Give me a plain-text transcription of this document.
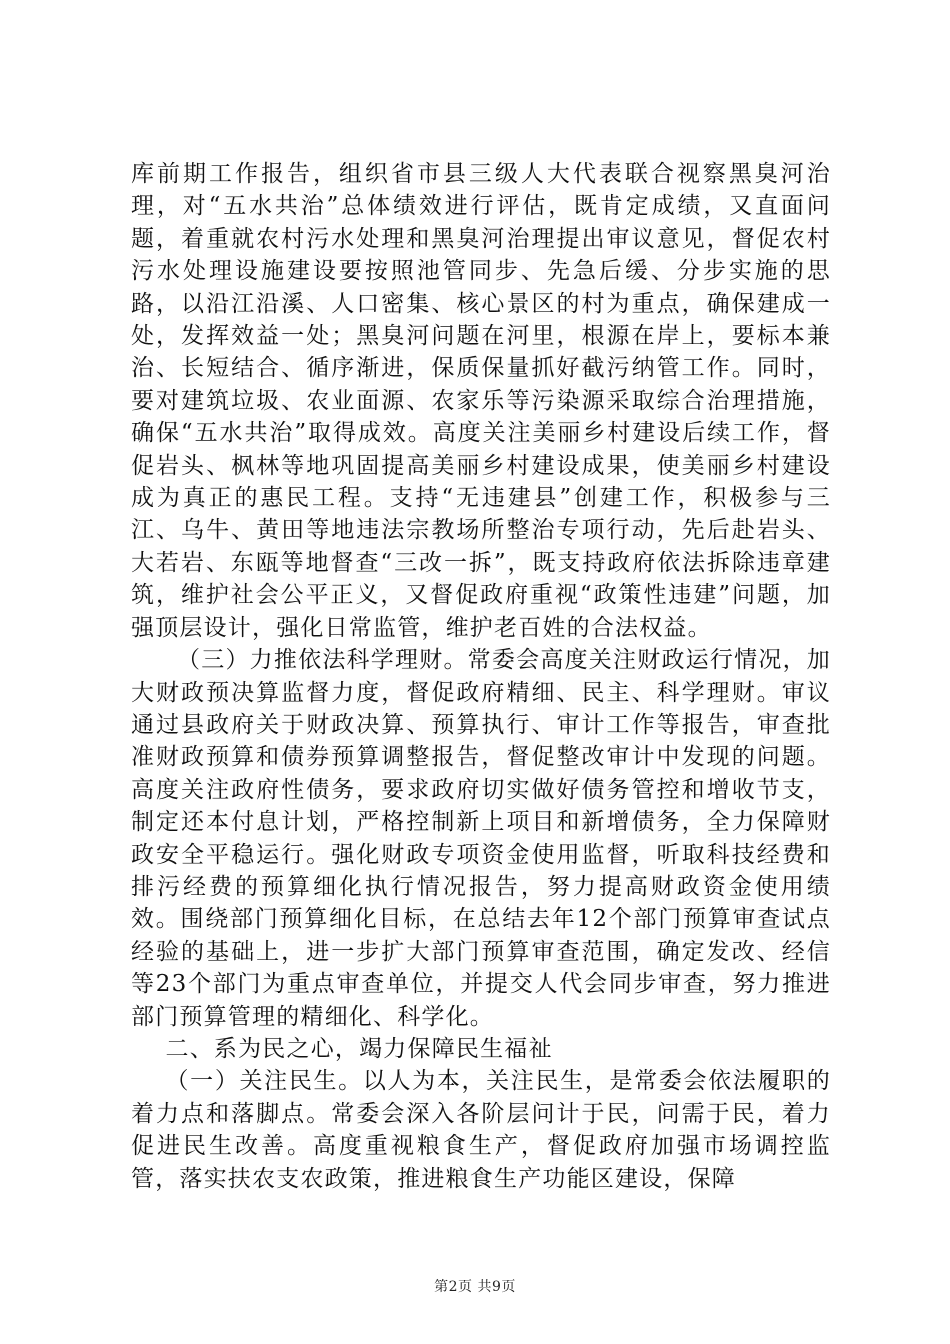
库前期工作报告，组织省市县三级人大代表联合视察黑臭河治理，对“五水共治”总体绩效进行评估，既肯定成绩，又直面问题，着重就农村污水处理和黑臭河治理提出审议意见，督促农村污水处理设施建设要按照池管同步、先急后缓、分步实施的思路，以沿江沿溪、人口密集、核心景区的村为重点，确保建成一处，发挥效益一处；黑臭河问题在河里，根源在岸上，要标本兼治、长短结合、循序渐进，保质保量抓好截污纳管工作。同时，要对建筑垃圾、农业面源、农家乐等污染源采取综合治理措施，确保“五水共治”取得成效。高度关注美丽乡村建设后续工作，督促岩头、枫林等地巩固提高美丽乡村建设成果，使美丽乡村建设成为真正的惠民工程。支持“无违建县”创建工作，积极参与三江、乌牛、黄田等地违法宗教场所整治专项行动，先后赴岩头、大若岩、东瓯等地督查“三改一拆”，既支持政府依法拆除违章建筑，维护社会公平正义，又督促政府重视“政策性违建”问题，加强顶层设计，强化日常监管，维护老百姓的合法权益。

（三）力推依法科学理财。常委会高度关注财政运行情况，加大财政预决算监督力度，督促政府精细、民主、科学理财。审议通过县政府关于财政决算、预算执行、审计工作等报告，审查批准财政预算和债券预算调整报告，督促整改审计中发现的问题。高度关注政府性债务，要求政府切实做好债务管控和增收节支，制定还本付息计划，严格控制新上项目和新增债务，全力保障财政安全平稳运行。强化财政专项资金使用监督，听取科技经费和排污经费的预算细化执行情况报告，努力提高财政资金使用绩效。围绕部门预算细化目标，在总结去年12个部门预算审查试点经验的基础上，进一步扩大部门预算审查范围，确定发改、经信等23个部门为重点审查单位，并提交人代会同步审查，努力推进部门预算管理的精细化、科学化。

二、系为民之心，竭力保障民生福祉

（一）关注民生。以人为本，关注民生，是常委会依法履职的着力点和落脚点。常委会深入各阶层问计于民，问需于民，着力促进民生改善。高度重视粮食生产，督促政府加强市场调控监管，落实扶农支农政策，推进粮食生产功能区建设，保障

第2页 共9页
